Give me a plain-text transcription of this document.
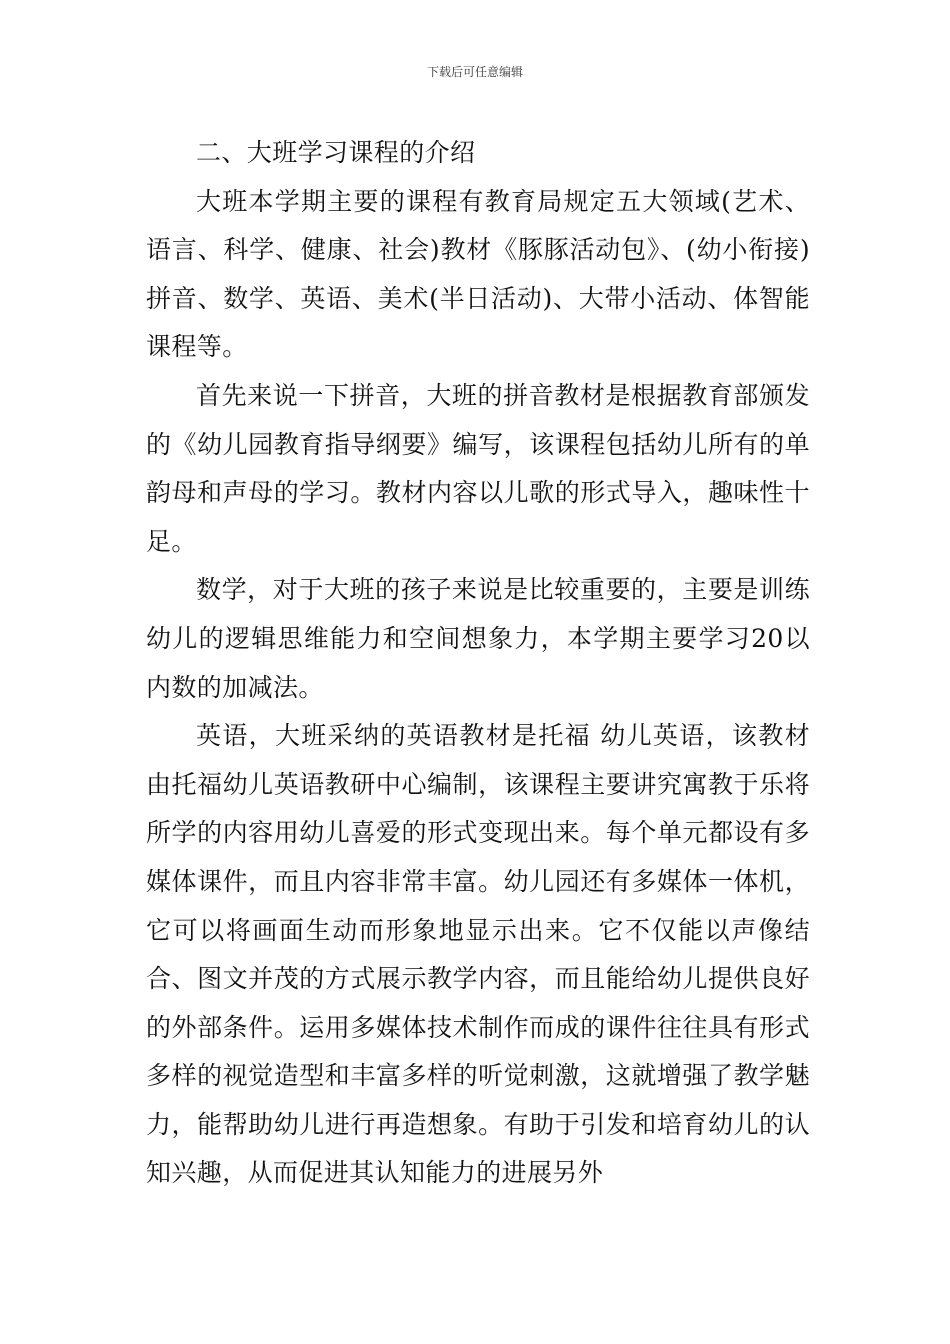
下载后可任意编辑

二、大班学习课程的介绍

大班本学期主要的课程有教育局规定五大领域(艺术、语言、科学、健康、社会)教材《豚豚活动包》、(幼小衔接)拼音、数学、英语、美术(半日活动)、大带小活动、体智能课程等。

首先来说一下拼音，大班的拼音教材是根据教育部颁发的《幼儿园教育指导纲要》编写，该课程包括幼儿所有的单韵母和声母的学习。教材内容以儿歌的形式导入，趣味性十足。

数学，对于大班的孩子来说是比较重要的，主要是训练幼儿的逻辑思维能力和空间想象力，本学期主要学习20以内数的加减法。

英语，大班采纳的英语教材是托福 幼儿英语，该教材由托福幼儿英语教研中心编制，该课程主要讲究寓教于乐将所学的内容用幼儿喜爱的形式变现出来。每个单元都设有多媒体课件，而且内容非常丰富。幼儿园还有多媒体一体机，它可以将画面生动而形象地显示出来。它不仅能以声像结合、图文并茂的方式展示教学内容，而且能给幼儿提供良好的外部条件。运用多媒体技术制作而成的课件往往具有形式多样的视觉造型和丰富多样的听觉刺激，这就增强了教学魅力，能帮助幼儿进行再造想象。有助于引发和培育幼儿的认知兴趣，从而促进其认知能力的进展另外
